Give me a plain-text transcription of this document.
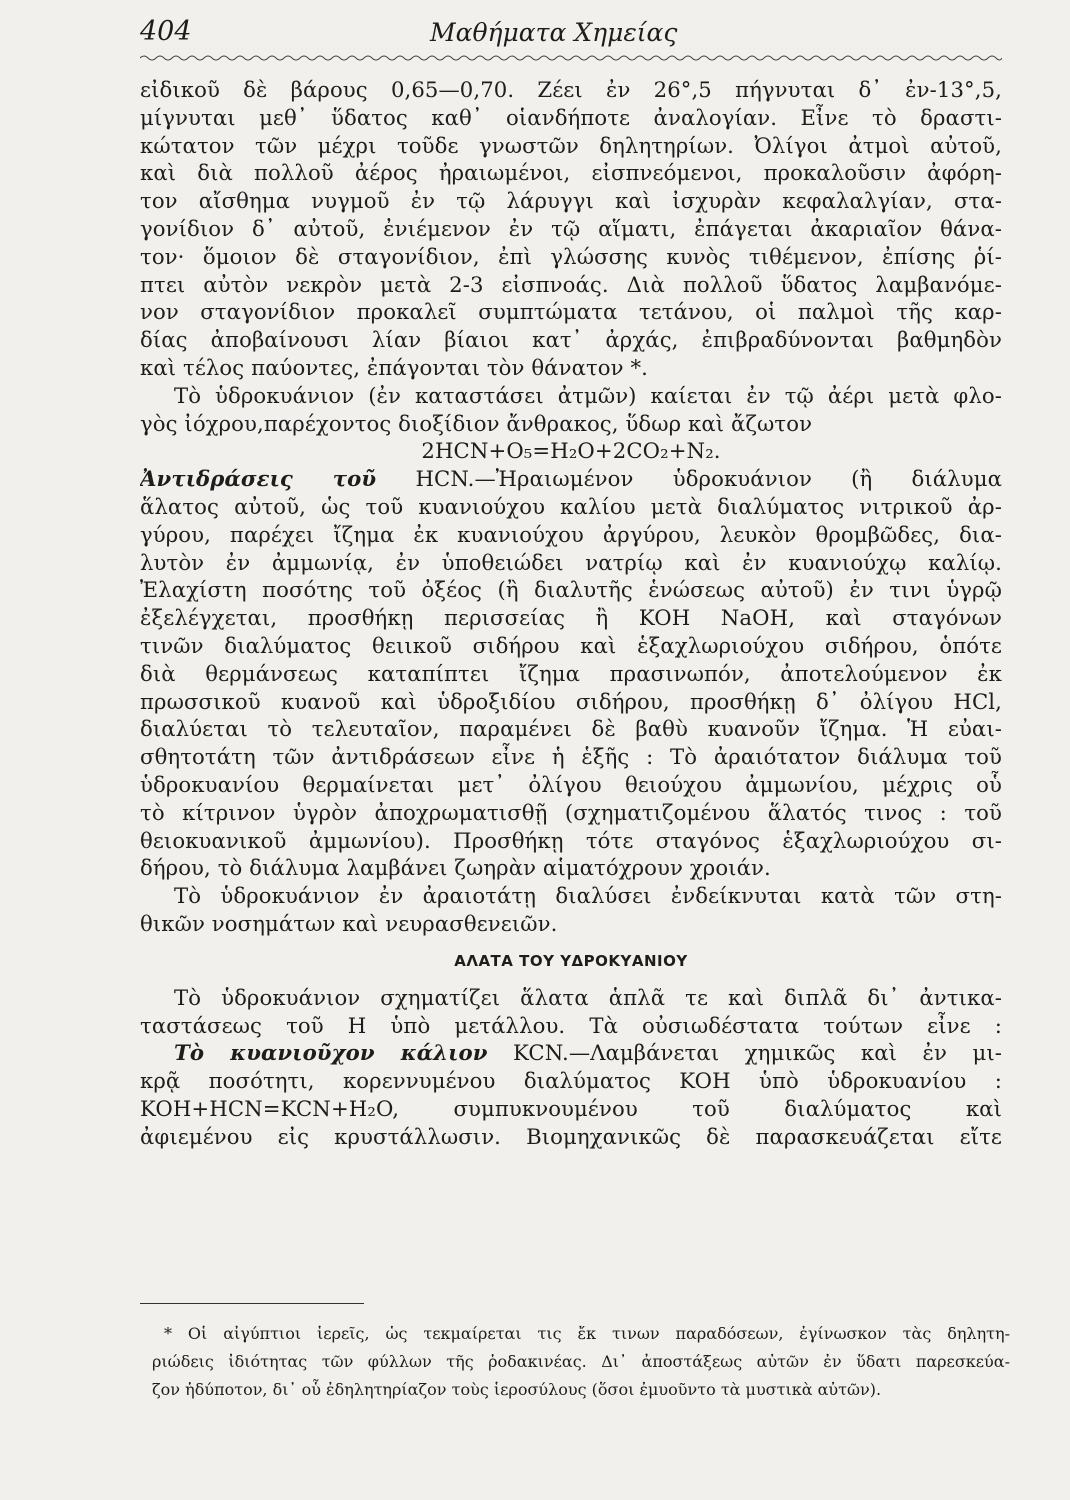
404	Μαθήματα Χημείας
εἰδικοῦ δὲ βάρους 0,65—0,70. Ζέει ἐν 26°,5 πήγνυται δ᾽ ἐν-13°,5,
μίγνυται μεθ᾽ ὕδατος καθ᾽ οἱανδήποτε ἀναλογίαν. Εἶνε τὸ δραστι-
κώτατον τῶν μέχρι τοῦδε γνωστῶν δηλητηρίων. Ὀλίγοι ἀτμοὶ αὐτοῦ,
καὶ διὰ πολλοῦ ἀέρος ἠραιωμένοι, εἰσπνεόμενοι, προκαλοῦσιν ἀφόρη-
τον αἴσθημα νυγμοῦ ἐν τῷ λάρυγγι καὶ ἰσχυρὰν κεφαλαλγίαν, στα-
γονίδιον δ᾽ αὐτοῦ, ἐνιέμενον ἐν τῷ αἵματι, ἐπάγεται ἀκαριαῖον θάνα-
τον· ὅμοιον δὲ σταγονίδιον, ἐπὶ γλώσσης κυνὸς τιθέμενον, ἐπίσης ῥί-
πτει αὐτὸν νεκρὸν μετὰ 2-3 εἰσπνοάς. Διὰ πολλοῦ ὕδατος λαμβανόμε-
νον σταγονίδιον προκαλεῖ συμπτώματα τετάνου, οἱ παλμοὶ τῆς καρ-
δίας ἀποβαίνουσι λίαν βίαιοι κατ᾽ ἀρχάς, ἐπιβραδύνονται βαθμηδὸν
καὶ τέλος παύοντες, ἐπάγονται τὸν θάνατον *.
Τὸ ὑδροκυάνιον (ἐν καταστάσει ἀτμῶν) καίεται ἐν τῷ ἀέρι μετὰ φλο-
γὸς ἰόχρου,παρέχοντος διοξίδιον ἄνθρακος, ὕδωρ καὶ ἄζωτον
2HCN+O₅=H₂O+2CO₂+N₂.
Ἀντιδράσεις τοῦ HCN.—Ἠραιωμένον ὑδροκυάνιον (ἢ διάλυμα
ἅλατος αὐτοῦ, ὡς τοῦ κυανιούχου καλίου μετὰ διαλύματος νιτρικοῦ ἀρ-
γύρου, παρέχει ἴζημα ἐκ κυανιούχου ἀργύρου, λευκὸν θρομβῶδες, δια-
λυτὸν ἐν ἀμμωνίᾳ, ἐν ὑποθειώδει νατρίῳ καὶ ἐν κυανιούχῳ καλίῳ.
Ἐλαχίστη ποσότης τοῦ ὀξέος (ἢ διαλυτῆς ἑνώσεως αὐτοῦ) ἐν τινι ὑγρῷ
ἐξελέγχεται, προσθήκῃ περισσείας ἢ KOH NaOH, καὶ σταγόνων
τινῶν διαλύματος θειικοῦ σιδήρου καὶ ἑξαχλωριούχου σιδήρου, ὁπότε
διὰ θερμάνσεως καταπίπτει ἴζημα πρασινωπόν, ἀποτελούμενον ἐκ
πρωσσικοῦ κυανοῦ καὶ ὑδροξιδίου σιδήρου, προσθήκῃ δ᾽ ὀλίγου HCl,
διαλύεται τὸ τελευταῖον, παραμένει δὲ βαθὺ κυανοῦν ἴζημα. Ἡ εὐαι-
σθητοτάτη τῶν ἀντιδράσεων εἶνε ἡ ἑξῆς : Τὸ ἀραιότατον διάλυμα τοῦ
ὑδροκυανίου θερμαίνεται μετ᾽ ὀλίγου θειούχου ἀμμωνίου, μέχρις οὗ
τὸ κίτρινον ὑγρὸν ἀποχρωματισθῇ (σχηματιζομένου ἅλατός τινος : τοῦ
θειοκυανικοῦ ἀμμωνίου). Προσθήκῃ τότε σταγόνος ἑξαχλωριούχου σι-
δήρου, τὸ διάλυμα λαμβάνει ζωηρὰν αἱματόχρουν χροιάν.
Τὸ ὑδροκυάνιον ἐν ἀραιοτάτῃ διαλύσει ἐνδείκνυται κατὰ τῶν στη-
θικῶν νοσημάτων καὶ νευρασθενειῶν.
ΑΛΑΤΑ ΤΟΥ ΥΔΡΟΚΥΑΝΙΟΥ
Τὸ ὑδροκυάνιον σχηματίζει ἅλατα ἁπλᾶ τε καὶ διπλᾶ δι᾽ ἀντικα-
ταστάσεως τοῦ H ὑπὸ μετάλλου. Τὰ οὐσιωδέστατα τούτων εἶνε :
Τὸ κυανιοῦχον κάλιον KCN.—Λαμβάνεται χημικῶς καὶ ἐν μι-
κρᾷ ποσότητι, κορεννυμένου διαλύματος KOH ὑπὸ ὑδροκυανίου :
KOH+HCN=KCN+H₂O, συμπυκνουμένου τοῦ διαλύματος καὶ
ἀφιεμένου εἰς κρυστάλλωσιν. Βιομηχανικῶς δὲ παρασκευάζεται εἴτε
* Οἱ αἰγύπτιοι ἱερεῖς, ὡς τεκμαίρεται τις ἔκ τινων παραδόσεων, ἐγίνωσκον τὰς δηλητη-
ριώδεις ἰδιότητας τῶν φύλλων τῆς ῥοδακινέας. Δι᾽ ἀποστάξεως αὐτῶν ἐν ὕδατι παρεσκεύα-
ζον ἡδύποτον, δι᾽ οὗ ἐδηλητηρίαζον τοὺς ἱεροσύλους (ὅσοι ἐμυοῦντο τὰ μυστικὰ αὐτῶν).
